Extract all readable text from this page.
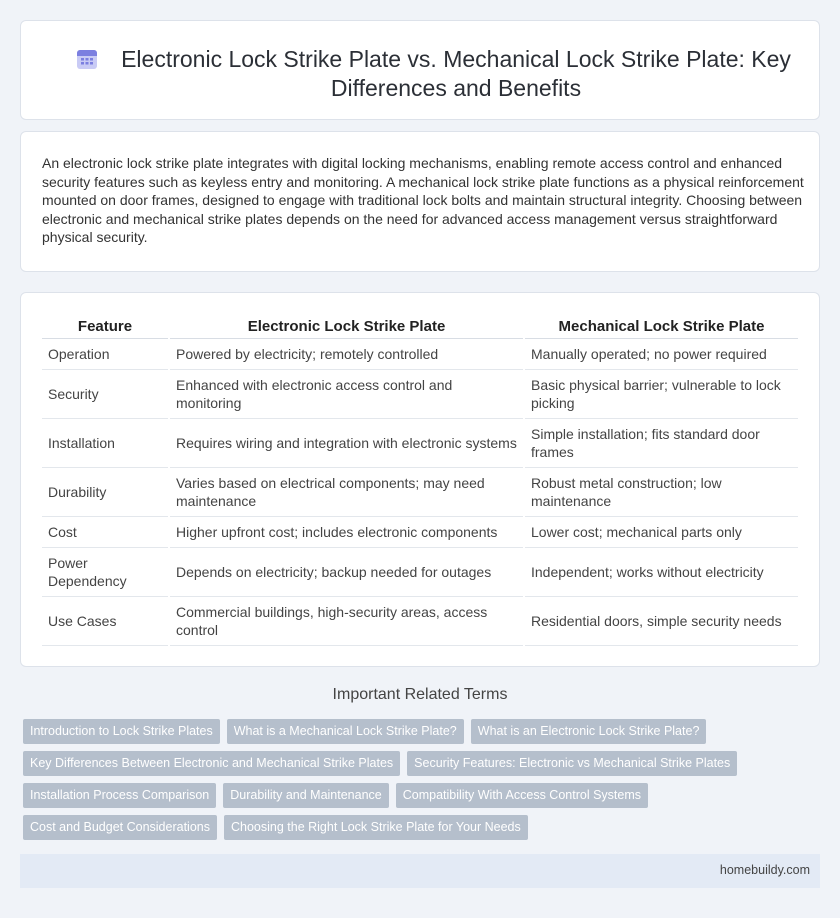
Electronic Lock Strike Plate vs. Mechanical Lock Strike Plate: Key Differences and Benefits

An electronic lock strike plate integrates with digital locking mechanisms, enabling remote access control and enhanced security features such as keyless entry and monitoring. A mechanical lock strike plate functions as a physical reinforcement mounted on door frames, designed to engage with traditional lock bolts and maintain structural integrity. Choosing between electronic and mechanical strike plates depends on the need for advanced access management versus straightforward physical security.

Feature	Electronic Lock Strike Plate	Mechanical Lock Strike Plate
Operation	Powered by electricity; remotely controlled	Manually operated; no power required
Security	Enhanced with electronic access control and monitoring	Basic physical barrier; vulnerable to lock picking
Installation	Requires wiring and integration with electronic systems	Simple installation; fits standard door frames
Durability	Varies based on electrical components; may need maintenance	Robust metal construction; low maintenance
Cost	Higher upfront cost; includes electronic components	Lower cost; mechanical parts only
Power Dependency	Depends on electricity; backup needed for outages	Independent; works without electricity
Use Cases	Commercial buildings, high-security areas, access control	Residential doors, simple security needs
Important Related Terms
Introduction to Lock Strike Plates	What is a Mechanical Lock Strike Plate?	What is an Electronic Lock Strike Plate?
Key Differences Between Electronic and Mechanical Strike Plates	Security Features: Electronic vs Mechanical Strike Plates
Installation Process Comparison	Durability and Maintenance	Compatibility With Access Control Systems
Cost and Budget Considerations	Choosing the Right Lock Strike Plate for Your Needs
homebuildy.com
